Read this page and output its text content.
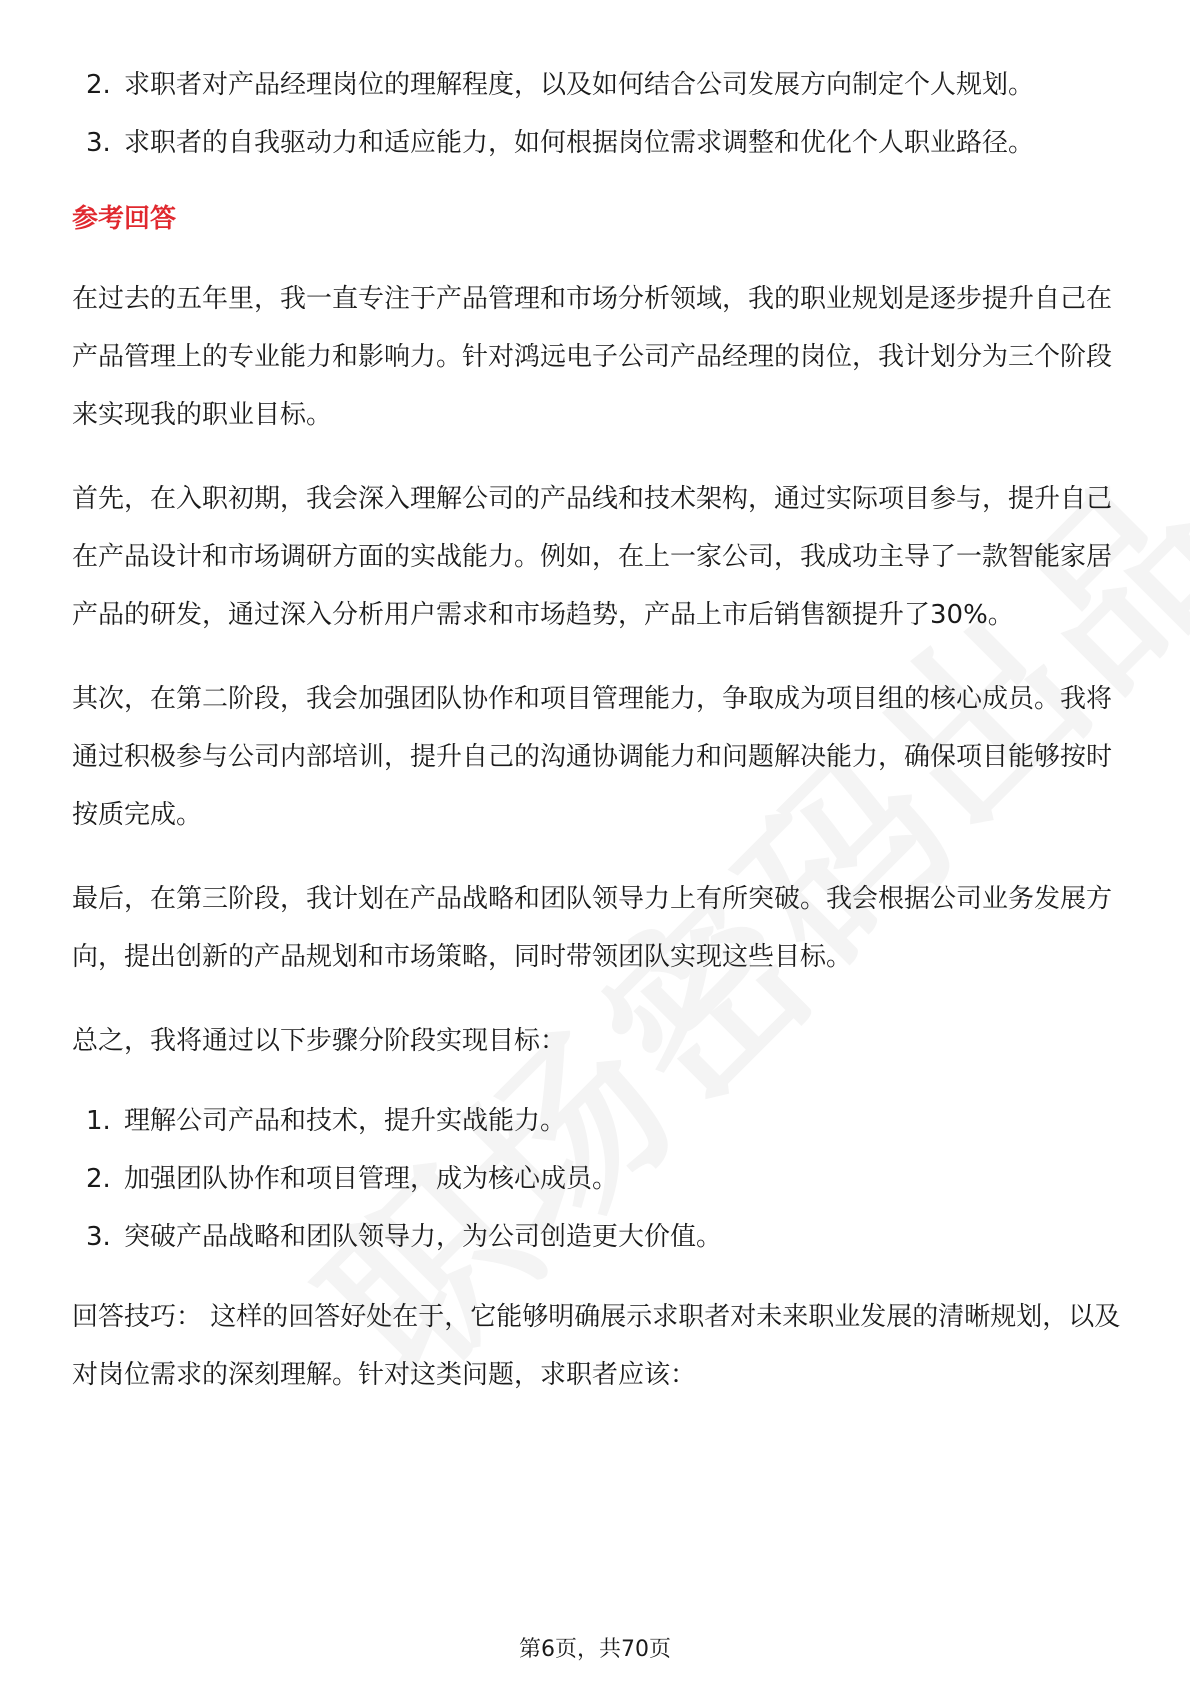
2. 求职者对产品经理岗位的理解程度，以及如何结合公司发展方向制定个人规划。
3. 求职者的自我驱动力和适应能力，如何根据岗位需求调整和优化个人职业路径。
参考回答

在过去的五年里，我一直专注于产品管理和市场分析领域，我的职业规划是逐步提升自己在产品管理上的专业能力和影响力。针对鸿远电子公司产品经理的岗位，我计划分为三个阶段来实现我的职业目标。

首先，在入职初期，我会深入理解公司的产品线和技术架构，通过实际项目参与，提升自己在产品设计和市场调研方面的实战能力。例如，在上一家公司，我成功主导了一款智能家居产品的研发，通过深入分析用户需求和市场趋势，产品上市后销售额提升了30%。

其次，在第二阶段，我会加强团队协作和项目管理能力，争取成为项目组的核心成员。我将通过积极参与公司内部培训，提升自己的沟通协调能力和问题解决能力，确保项目能够按时按质完成。

最后，在第三阶段，我计划在产品战略和团队领导力上有所突破。我会根据公司业务发展方向，提出创新的产品规划和市场策略，同时带领团队实现这些目标。

总之，我将通过以下步骤分阶段实现目标：

1. 理解公司产品和技术，提升实战能力。
2. 加强团队协作和项目管理，成为核心成员。
3. 突破产品战略和团队领导力，为公司创造更大价值。

回答技巧： 这样的回答好处在于，它能够明确展示求职者对未来职业发展的清晰规划，以及对岗位需求的深刻理解。针对这类问题，求职者应该：

第6页，共70页
